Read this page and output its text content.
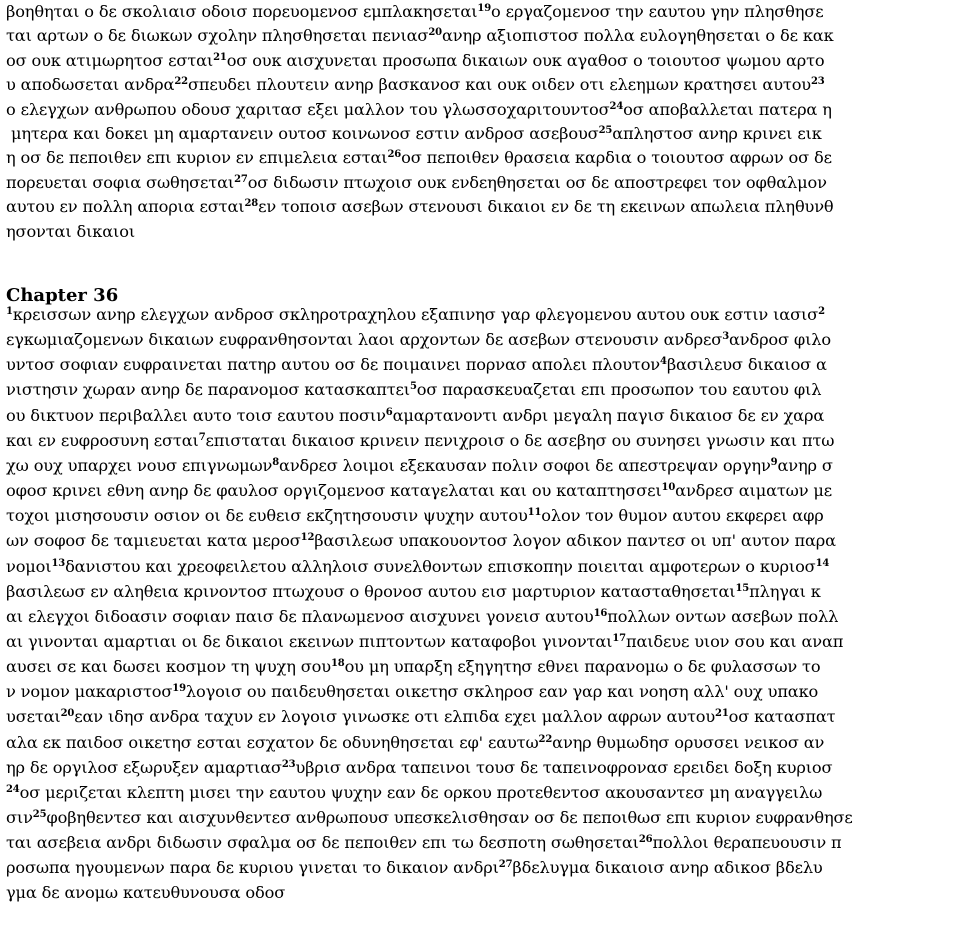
βοηθηται ο δε σκολιαισ οδοισ πορευομενοσ εμπλακησεται$^{19}$ο εργαζομενοσ την εαυτου γην πλησθησε
ται αρτων ο δε διωκων σχολην πλησθησεται πενιασ$^{20}$ανηρ αξιοπιστοσ πολλα ευλογηθησεται ο δε κακ
οσ ουκ ατιμωρητοσ εσται$^{21}$οσ ουκ αισχυνεται προσωπα δικαιων ουκ αγαθοσ ο τοιουτοσ ψωμου αρτο
υ αποδωσεται ανδρα$^{22}$σπευδει πλουτειν ανηρ βασκανοσ και ουκ οιδεν οτι ελεημων κρατησει αυτου$^{23}$
ο ελεγχων ανθρωπου οδουσ χαριτασ εξει μαλλον του γλωσσοχαριτουντοσ$^{24}$οσ αποβαλλεται πατερα η
μητερα και δοκει μη αμαρτανειν ουτοσ κοινωνοσ εστιν ανδροσ ασεβουσ$^{25}$απληστοσ ανηρ κρινει εικ
η οσ δε πεποιθεν επι κυριον εν επιμελεια εσται$^{26}$οσ πεποιθεν θρασεια καρδια ο τοιουτοσ αφρων οσ δε
πορευεται σοφια σωθησεται$^{27}$οσ διδωσιν πτωχοισ ουκ ενδεηθησεται οσ δε αποστρεφει τον οφθαλμον
αυτου εν πολλη απορια εσται$^{28}$εν τοποισ ασεβων στενουσι δικαιοι εν δε τη εκεινων απωλεια πληθυνθ
ησονται δικαιοι
Chapter 36
$^1$κρεισσων ανηρ ελεγχων ανδροσ σκληροτραχηλου εξαπινησ γαρ φλεγομενου αυτου ουκ εστιν ιασισ$^2$
εγκωμιαζομενων δικαιων ευφρανθησονται λαοι αρχοντων δε ασεβων στενουσιν ανδρεσ$^3$ανδροσ φιλο
υντοσ σοφιαν ευφραινεται πατηρ αυτου οσ δε ποιμαινει πορνασ απολει πλουτον$^4$βασιλευσ δικαιοσ α
νιστησιν χωραν ανηρ δε παρανομοσ κατασκαπτει$^5$οσ παρασκευαζεται επι προσωπον του εαυτου φιλ
ου δικτυον περιβαλλει αυτο τοισ εαυτου ποσιν$^6$αμαρτανοντι ανδρι μεγαλη παγισ δικαιοσ δε εν χαρα
και εν ευφροσυνη εσται$^7$επισταται δικαιοσ κρινειν πενιχροισ ο δε ασεβησ ου συνησει γνωσιν και πτω
χω ουχ υπαρχει νουσ επιγνωμων$^8$ανδρεσ λοιμοι εξεκαυσαν πολιν σοφοι δε απεστρεψαν οργην$^9$ανηρ σ
οφοσ κρινει εθνη ανηρ δε φαυλοσ οργιζομενοσ καταγελαται και ου καταπτησσει$^{10}$ανδρεσ αιματων με
τοχοι μισησουσιν οσιον οι δε ευθεισ εκζητησουσιν ψυχην αυτου$^{11}$ολον τον θυμον αυτου εκφερει αφρ
ων σοφοσ δε ταμιευεται κατα μεροσ$^{12}$βασιλεωσ υπακουοντοσ λογον αδικον παντεσ οι υπ' αυτον παρα
νομοι$^{13}$δανιστου και χρεοφειλετου αλληλοισ συνελθοντων επισκοπην ποιειται αμφοτερων ο κυριοσ$^{14}$
βασιλεωσ εν αληθεια κρινοντοσ πτωχουσ ο θρονοσ αυτου εισ μαρτυριον κατασταθησεται$^{15}$πληγαι κ
αι ελεγχοι διδοασιν σοφιαν παισ δε πλανωμενοσ αισχυνει γονεισ αυτου$^{16}$πολλων οντων ασεβων πολλ
αι γινονται αμαρτιαι οι δε δικαιοι εκεινων πιπτοντων καταφοβοι γινονται$^{17}$παιδευε υιον σου και αναπ
αυσει σε και δωσει κοσμον τη ψυχη σου$^{18}$ου μη υπαρξη εξηγητησ εθνει παρανομω ο δε φυλασσων το
ν νομον μακαριστοσ$^{19}$λογοισ ου παιδευθησεται οικετησ σκληροσ εαν γαρ και νοηση αλλ' ουχ υπακο
υσεται$^{20}$εαν ιδησ ανδρα ταχυν εν λογοισ γινωσκε οτι ελπιδα εχει μαλλον αφρων αυτου$^{21}$οσ κατασπατ
αλα εκ παιδοσ οικετησ εσται εσχατον δε οδυνηθησεται εφ' εαυτω$^{22}$ανηρ θυμωδησ ορυσσει νεικοσ αν
ηρ δε οργιλοσ εξωρυξεν αμαρτιασ$^{23}$υβρισ ανδρα ταπεινοι τουσ δε ταπεινοφρονασ ερειδει δοξη κυριοσ
$^{24}$οσ μεριζεται κλεπτη μισει την εαυτου ψυχην εαν δε ορκου προτεθεντοσ ακουσαντεσ μη αναγγειλω
σιν$^{25}$φοβηθεντεσ και αισχυνθεντεσ ανθρωπουσ υπεσκελισθησαν οσ δε πεποιθωσ επι κυριον ευφρανθησε
ται ασεβεια ανδρι διδωσιν σφαλμα οσ δε πεποιθεν επι τω δεσποτη σωθησεται$^{26}$πολλοι θεραπευουσιν π
ροσωπα ηγουμενων παρα δε κυριου γινεται το δικαιον ανδρι$^{27}$βδελυγμα δικαιοισ ανηρ αδικοσ βδελυ
γμα δε ανομω κατευθυνουσα οδοσ
